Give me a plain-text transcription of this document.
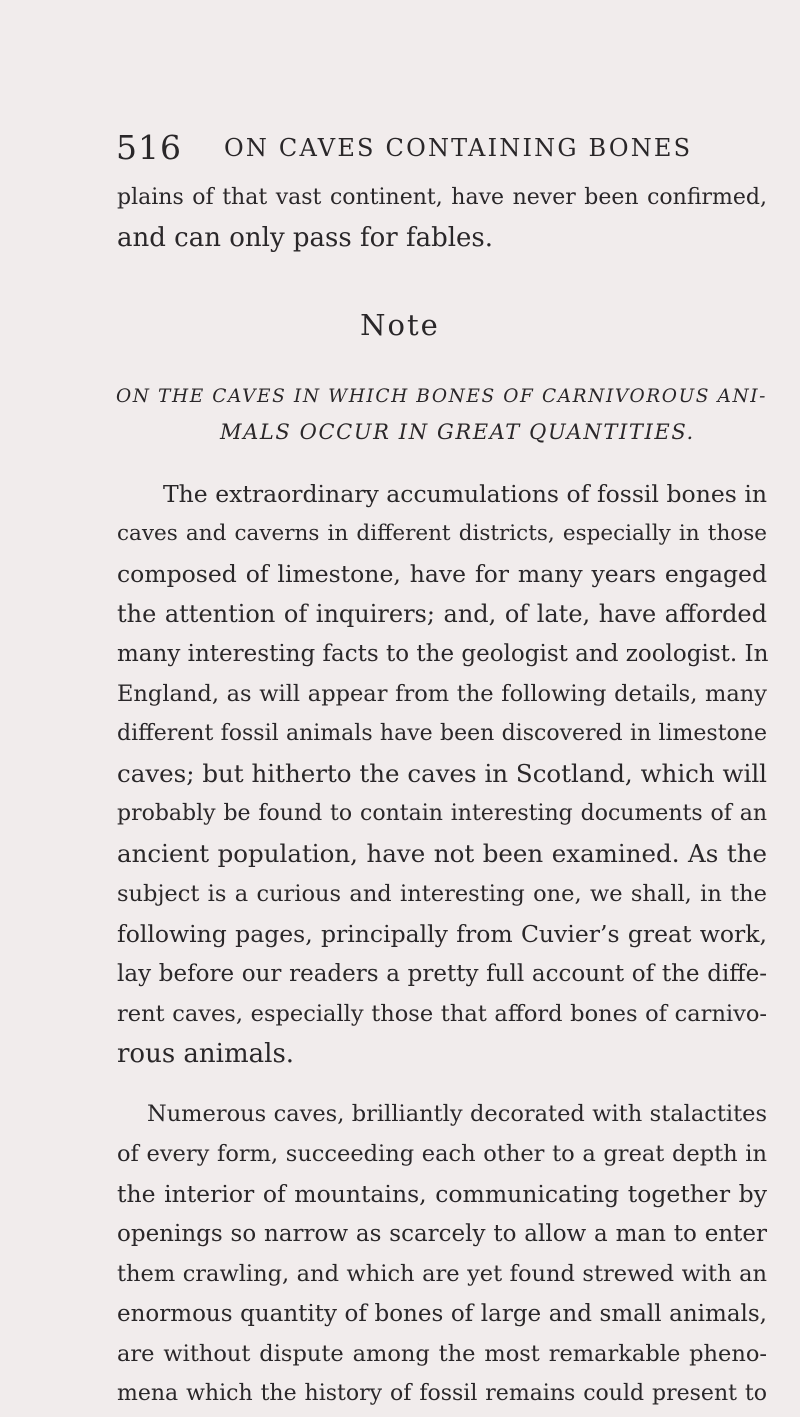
516 ON CAVES CONTAINING BONES
plains of that vast continent, have never been confirmed,
and can only pass for fables.
Note
ON THE CAVES IN WHICH BONES OF CARNIVOROUS ANI-
MALS OCCUR IN GREAT QUANTITIES.
The extraordinary accumulations of fossil bones in
caves and caverns in different districts, especially in those
composed of limestone, have for many years engaged
the attention of inquirers; and, of late, have afforded
many interesting facts to the geologist and zoologist. In
England, as will appear from the following details, many
different fossil animals have been discovered in limestone
caves; but hitherto the caves in Scotland, which will
probably be found to contain interesting documents of an
ancient population, have not been examined. As the
subject is a curious and interesting one, we shall, in the
following pages, principally from Cuvier’s great work,
lay before our readers a pretty full account of the diffe-
rent caves, especially those that afford bones of carnivo-
rous animals.
Numerous caves, brilliantly decorated with stalactites
of every form, succeeding each other to a great depth in
the interior of mountains, communicating together by
openings so narrow as scarcely to allow a man to enter
them crawling, and which are yet found strewed with an
enormous quantity of bones of large and small animals,
are without dispute among the most remarkable pheno-
mena which the history of fossil remains could present to
